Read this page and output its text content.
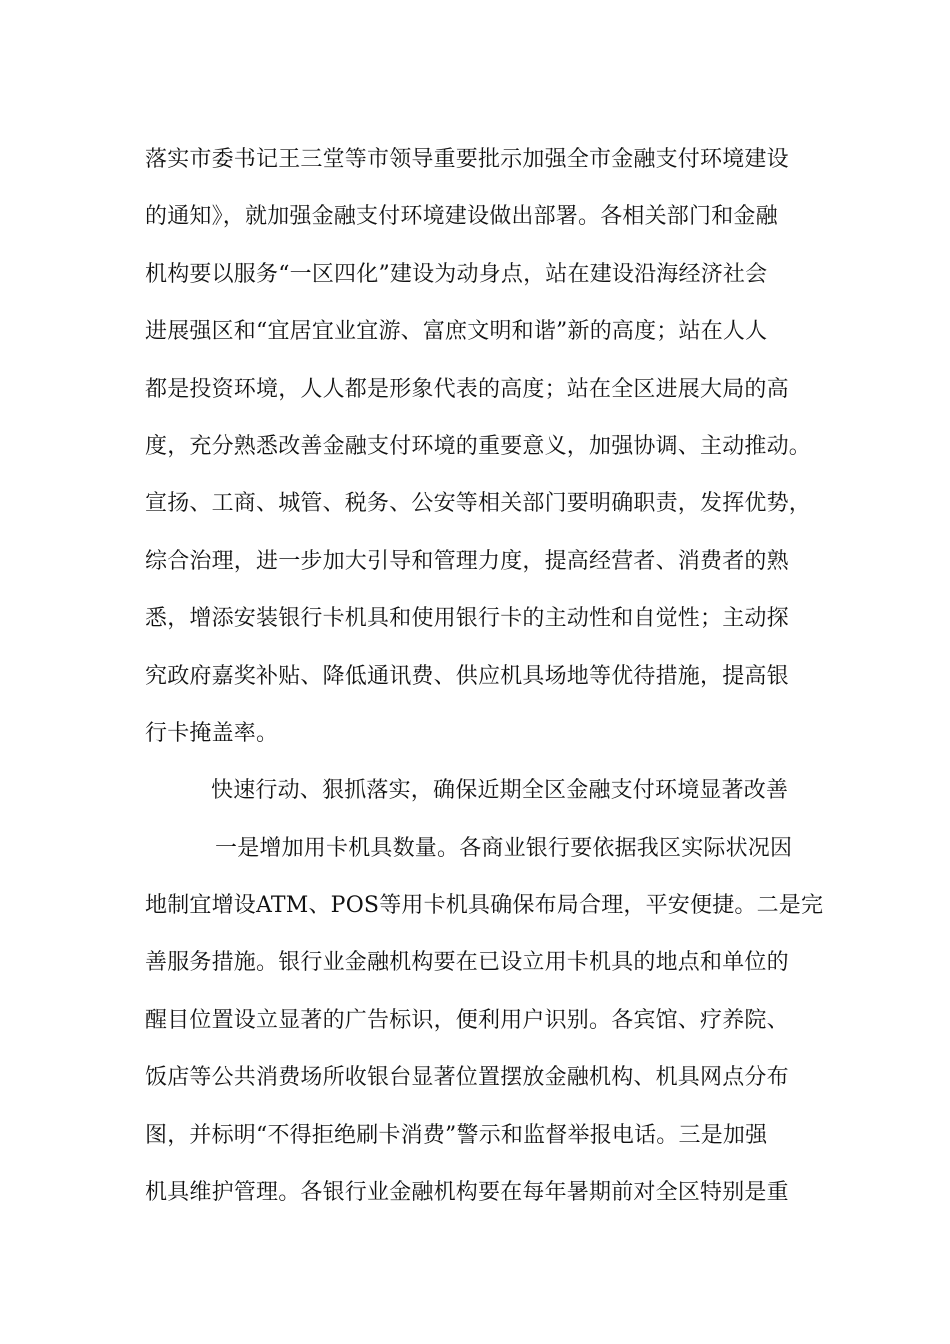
落实市委书记王三堂等市领导重要批示加强全市金融支付环境建设
的通知》，就加强金融支付环境建设做出部署。各相关部门和金融
机构要以服务“一区四化”建设为动身点，站在建设沿海经济社会
进展强区和“宜居宜业宜游、富庶文明和谐”新的高度；站在人人
都是投资环境，人人都是形象代表的高度；站在全区进展大局的高
度，充分熟悉改善金融支付环境的重要意义，加强协调、主动推动。
宣扬、工商、城管、税务、公安等相关部门要明确职责，发挥优势，
综合治理，进一步加大引导和管理力度，提高经营者、消费者的熟
悉，增添安装银行卡机具和使用银行卡的主动性和自觉性；主动探
究政府嘉奖补贴、降低通讯费、供应机具场地等优待措施，提高银
行卡掩盖率。
快速行动、狠抓落实，确保近期全区金融支付环境显著改善
一是增加用卡机具数量。各商业银行要依据我区实际状况因
地制宜增设ATM、POS等用卡机具确保布局合理，平安便捷。二是完
善服务措施。银行业金融机构要在已设立用卡机具的地点和单位的
醒目位置设立显著的广告标识，便利用户识别。各宾馆、疗养院、
饭店等公共消费场所收银台显著位置摆放金融机构、机具网点分布
图，并标明“不得拒绝刷卡消费”警示和监督举报电话。三是加强
机具维护管理。各银行业金融机构要在每年暑期前对全区特别是重
